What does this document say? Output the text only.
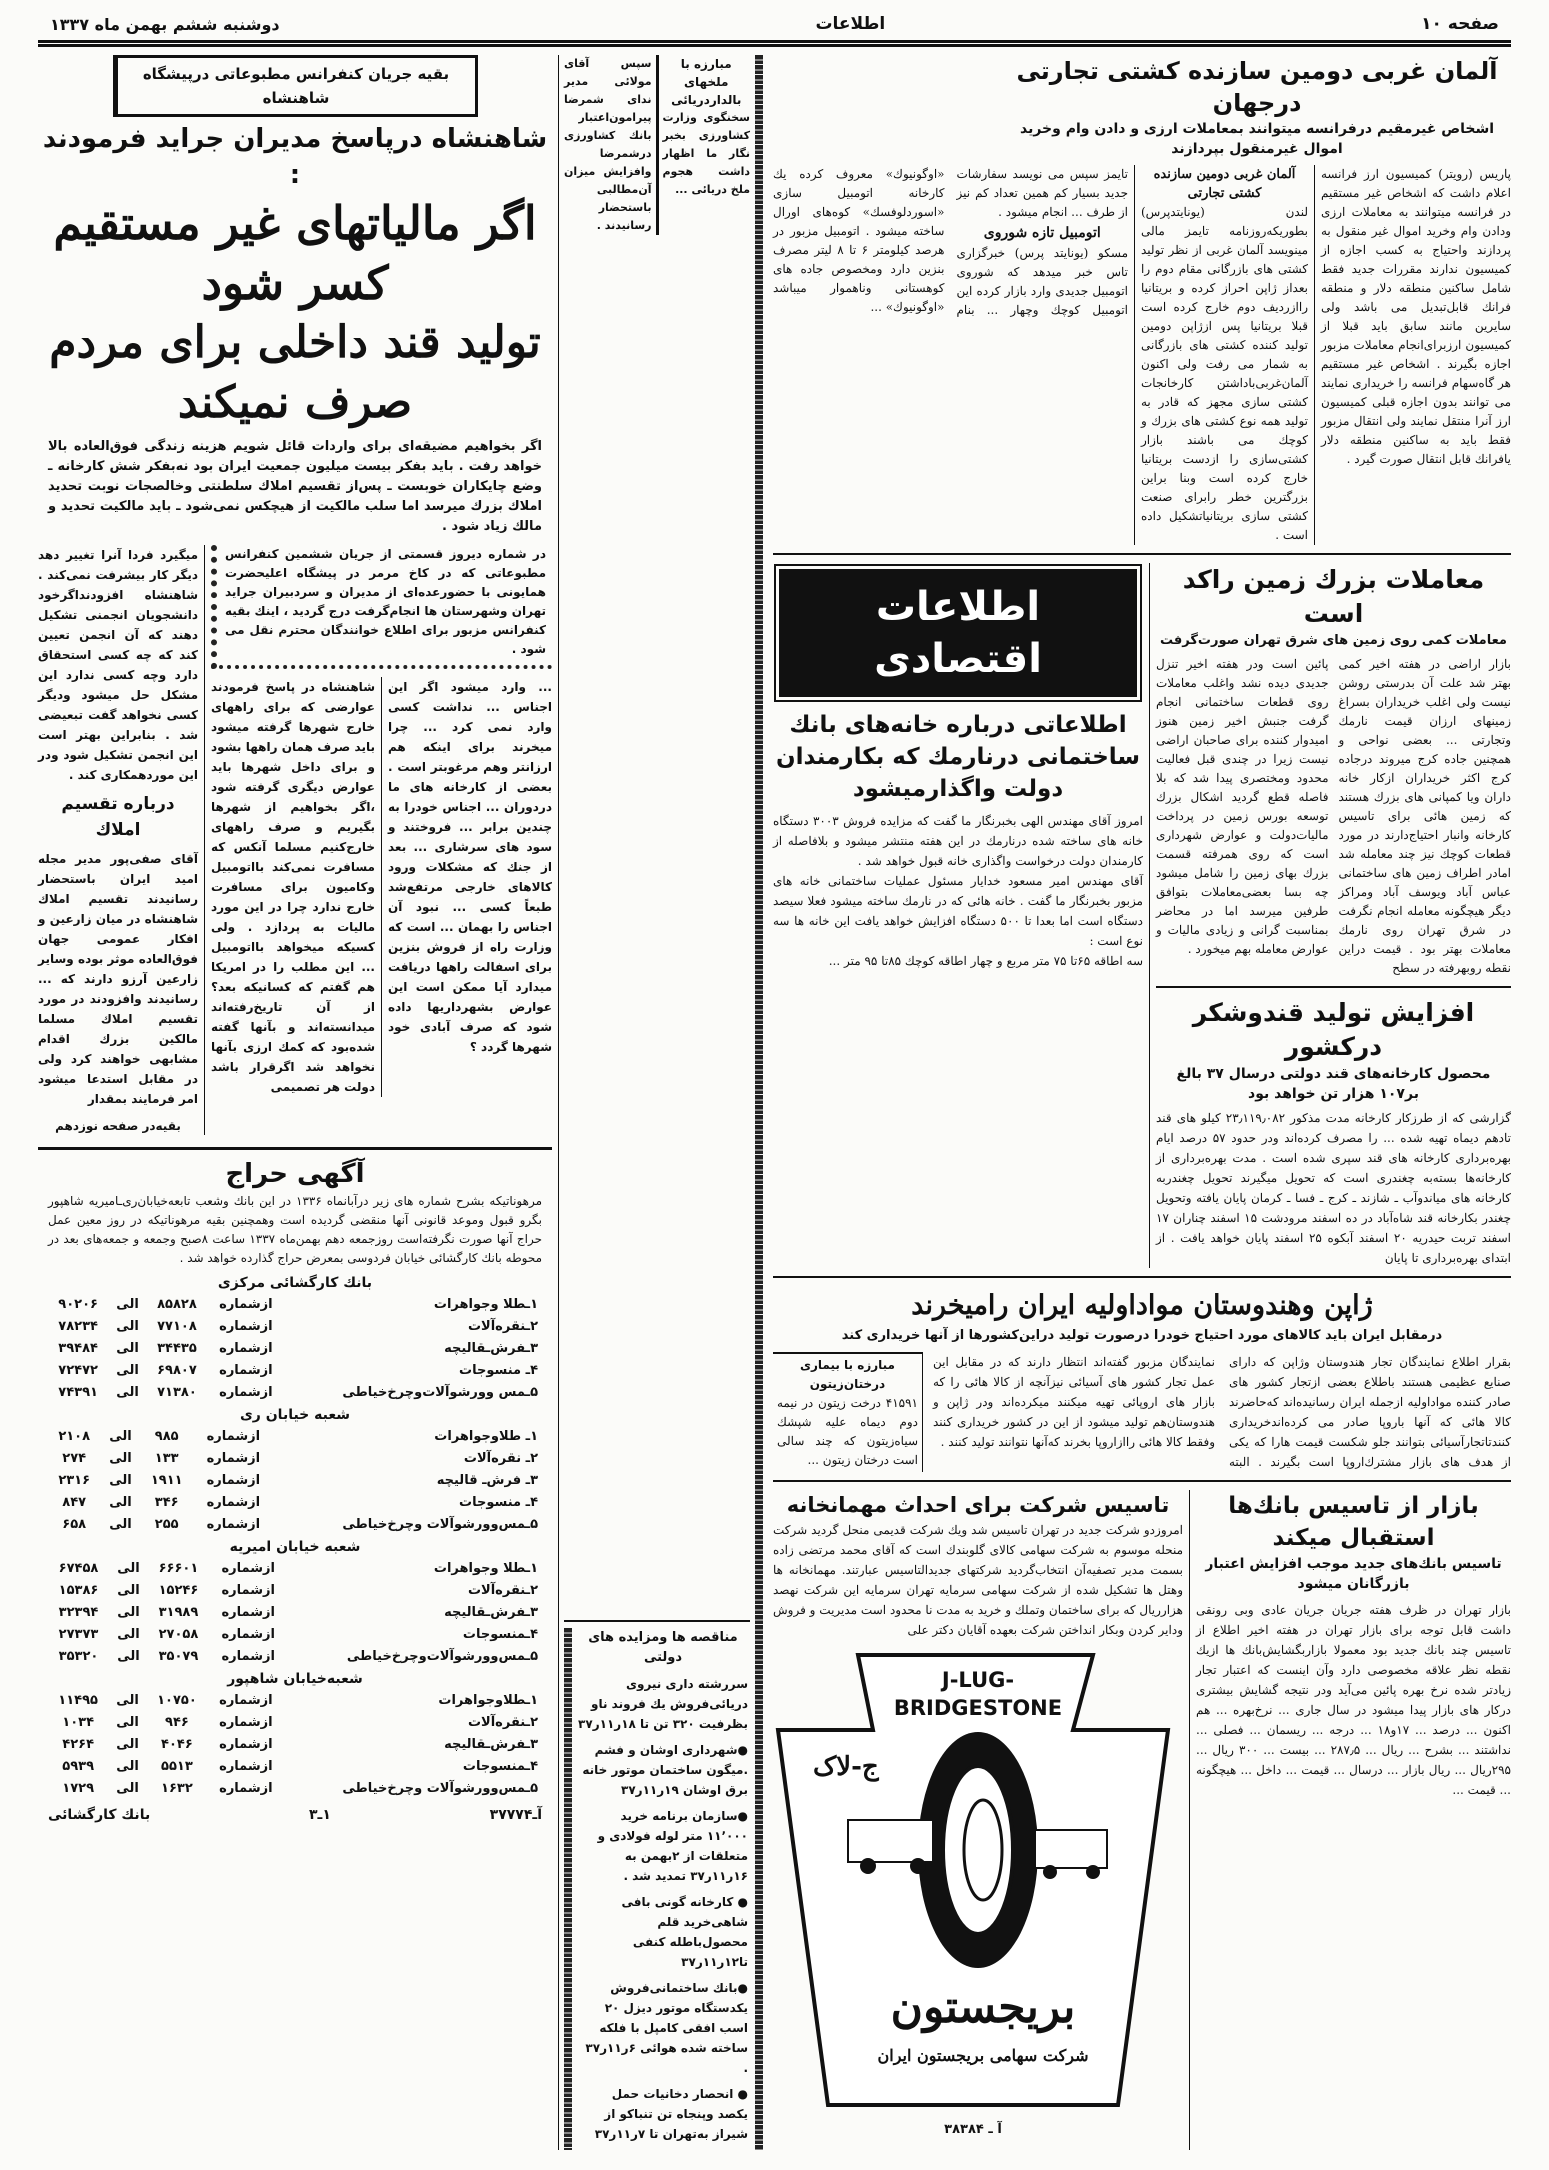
دوشنبه ششم بهمن ماه ۱۳۳۷	اطلاعات	صفحه ۱۰
بقیه جریان کنفرانس مطبوعاتی درپیشگاه شاهنشاه
شاهنشاه درپاسخ مدیران جراید فرمودند :
اگر مالیاتهای غیر مستقیم کسر شود
تولید قند داخلی برای مردم صرف نمیکند
اگر بخواهیم مضیقه‌ای برای واردات قائل شویم هزینه زندگی فوق‌العاده بالا خواهد رفت . باید بفکر بیست میلیون جمعیت ایران بود نه‌بفکر شش کارخانه ـ وضع چایکاران خوبست ـ پس‌از تقسیم املاك سلطنتی وخالصجات نوبت تحدید املاك بزرك میرسد اما سلب مالکیت از هیچکس نمی‌شود ـ باید مالکیت تحدید و مالك زیاد شود .
میگیرد فردا آنرا تغییر دهد دیگر کار بیشرفت نمی‌کند . شاهنشاه افزودنداگرخود دانشجویان انجمنی تشکیل دهند که آن انجمن تعیین کند که چه کسی استحقاق دارد وچه کسی ندارد این مشکل حل میشود ودیگر کسی نخواهد گفت تبعیضی شد . بنابراین بهتر است این انجمن تشکیل شود ودر این موردهمکاری کند .
درباره تقسیم املاك
آقای صفی‌پور مدیر مجله امید ایران باستحضار رسانیدند تقسیم املاك شاهنشاه در میان زارعین و افکار عمومی جهان فوق‌العاده موثر بوده وسایر زارعین آرزو دارند که ... رسانیدند وافزودند در مورد تقسیم املاك مسلما مالکین بزرك اقدام مشابهی خواهند کرد ولی در مقابل استدعا میشود امر فرمایند بمقدار
بقیه‌در صفحه نوزدهم
در شماره دیروز قسمتی از جریان ششمین کنفرانس مطبوعاتی که در کاخ مرمر در پیشگاه اعلیحضرت همایونی با حضورعده‌ای از مدیران و سردبیران جراید تهران وشهرستان ها انجام‌گرفت درج گردید ، اینك بقیه کنفرانس مزبور برای اطلاع خوانندگان محترم نقل می شود .
شاهنشاه در پاسخ فرمودند عوارضی که برای راههای خارج شهرها گرفته میشود باید صرف همان راهها بشود و برای داخل شهرها باید عوارض دیگری گرفته شود ،اگر بخواهیم از شهرها بگیریم و صرف راههای خارج‌کنیم مسلما آنکس که مسافرت نمی‌کند بااتومبیل وکامیون برای مسافرت خارج ندارد چرا در این مورد مالیات به پردازد . ولی کسیکه میخواهد بااتومبیل ... این مطلب را در امریکا هم گفتم که کسانیکه بعد؟ از آن تاریخ‌رفته‌اند میدانسته‌اند و بآنها گفته شده‌بود که کمك ارزی بآنها نخواهد شد اگرقرار باشد دولت هر تصمیمی
... وارد میشود اگر این اجناس ... نداشت کسی وارد نمی کرد ... چرا میخرند برای اینکه هم ارزانتر وهم مرغوبتر است . بعضی از کارخانه های ما دردوران ... اجناس خودرا به چندین برابر ... فروختند و سود های سرشاری ... بعد از جنك که مشکلات ورود کالاهای خارجی مرتفع‌شد طبعاً کسی ... نبود آن اجناس را بهمان ... است که وزارت راه از فروش بنزین برای اسفالت راهها دریافت میدارد آیا ممکن است این عوارض بشهرداریها داده شود که صرف آبادی خود شهرها گردد ؟
آگهی حراج
مرهوناتیکه بشرح شماره های زیر درآبانماه ۱۳۳۶ در این بانك وشعب تابعه‌خیابان‌ری‌ـامیریه شاهپور بگرو قبول وموعد قانونی آنها منقضی گردیده است وهمچنین بقیه مرهوناتیکه در روز معین عمل حراج آنها صورت نگرفته‌است روزجمعه دهم بهمن‌ماه ۱۳۳۷ ساعت ۸صبح وجمعه و جمعه‌های بعد در محوطه بانك کارگشائی خیابان فردوسی بمعرض حراج گذارده خواهد شد .
بانك کارگشائی مرکزی
۱ـطلا وجواهرات	ازشماره	۸۵۸۲۸	الی	۹۰۲۰۶
۲ـنقره‌آلات	ازشماره	۷۷۱۰۸	الی	۷۸۲۳۴
۳ـفرش‌ـقالیچه	ازشماره	۳۴۴۳۵	الی	۳۹۴۸۴
۴ـ منسوجات	ازشماره	۶۹۸۰۷	الی	۷۲۴۷۲
۵ـمس وورشوآلات‌وچرخ‌خیاطی	ازشماره	۷۱۳۸۰	الی	۷۴۳۹۱
شعبه خیابان ری
۱ـ طلاوجواهرات	ازشماره	۹۸۵	الی	۲۱۰۸
۲ـ نقره‌آلات	ازشماره	۱۳۳	الی	۲۷۴
۳ـ فرش‌ـ قالیچه	ازشماره	۱۹۱۱	الی	۲۳۱۶
۴ـ منسوجات	ازشماره	۳۴۶	الی	۸۴۷
۵ـمس‌وورشوآلات وچرخ‌خیاطی	ازشماره	۲۵۵	الی	۶۵۸
شعبه خیابان امیریه
۱ـطلا وجواهرات	ازشماره	۶۶۶۰۱	الی	۶۷۴۵۸
۲ـنقره‌آلات	ازشماره	۱۵۲۴۶	الی	۱۵۳۸۶
۳ـفرش‌ـقالیچه	ازشماره	۳۱۹۸۹	الی	۳۲۳۹۴
۴ـمنسوجات	ازشماره	۲۷۰۵۸	الی	۲۷۳۷۳
۵ـمس‌وورشوآلات‌وچرخ‌خیاطی	ازشماره	۳۵۰۷۹	الی	۳۵۳۲۰
شعبه‌خیابان شاهپور
۱ـطلاوجواهرات	ازشماره	۱۰۷۵۰	الی	۱۱۴۹۵
۲ـنقره‌آلات	ازشماره	۹۴۶	الی	۱۰۳۴
۳ـفرش‌ـقالیچه	ازشماره	۴۰۴۶	الی	۴۲۶۴
۴ـمنسوجات	ازشماره	۵۵۱۳	الی	۵۹۳۹
۵ـمس‌وورشوآلات وچرخ‌خیاطی	ازشماره	۱۶۳۲	الی	۱۷۲۹
آـ۳۷۷۷۴
۱ـ۳
بانك کارگشائی
سپس آقای مولائی مدیر ندای شمرضا پیرامون‌اعتبار بانك کشاورزی درشمرضا وافزایش میزان آن‌مطالبی باستحضار رسانیدند .
مبارزه با ملخهای بالداردریائی
سخنگوی وزارت کشاورزی بخبر نگار ما اظهار داشت هجوم ملخ دریائی ...
مناقصه ها ومزایده های دولتی
سررشته داری نیروی دریائی‌فروش یك فروند ناو بظرفیت ۳۲۰ تن تا ۱۸ر۱۱ر۳۷
●شهرداری اوشان و فشم .میگون ساختمان موتور خانه برق اوشان ۱۹ر۱۱ر۳۷
●سازمان برنامه خرید ۱۱٬۰۰۰ متر لوله فولادی و متعلقات از ۲بهمن به ۱۶ر۱۱ر۳۷ تمدید شد .
● کارخانه گونی بافی شاهی‌خرید قلم محصول‌باطله کنفی تا۱۲ر۱۱ر۳۷
●بانك ساختمانی‌فروش یکدستگاه موتور دیزل ۲۰ اسب افقی کامپل با فلکه ساخته شده هوائی ۶ر۱۱ر۳۷ .
● انحصار دخانیات حمل یکصد وپنجاه تن تنباکو از شیراز به‌تهران تا ۷ر۱۱ر۳۷
آلمان غربی دومین سازنده کشتی تجارتی درجهان
اشخاص غیرمقیم درفرانسه میتوانند بمعاملات ارزی و دادن وام وخرید اموال غیرمنقول بپردازند
تایمز سپس می نویسد سفارشات جدید بسیار کم همین تعداد کم نیز از طرف ... انجام میشود .
اتومبیل تازه شوروی
مسکو (یونایتد پرس) خبرگزاری تاس خبر میدهد که شوروی اتومبیل جدیدی وارد بازار کرده این اتومبیل کوچك وچهار ... بنام «اوگونیوك» معروف کرده یك کارخانه اتومبیل سازی «اسوردلوفسك» کوه‌های اورال ساخته میشود . اتومبیل مزبور در هرصد کیلومتر ۶ تا ۸ لیتر مصرف بنزین دارد ومخصوص جاده های کوهستانی وناهموار میباشد «اوگونیوك» ...
آلمان غربی دومین سازنده کشتی تجارتی
لندن (یونایتدپرس) بطوریکه‌روزنامه تایمز مالی مینویسد آلمان غربی از نظر تولید کشتی های بازرگانی مقام دوم را بعداز ژاپن احراز کرده و بریتانیا راازردیف دوم خارج کرده است قبلا بریتانیا پس ازژاپن دومین تولید کننده کشتی های بازرگانی به شمار می رفت ولی اکنون آلمان‌غربی‌باداشتن کارخانجات کشتی سازی مجهز که قادر به تولید همه نوع کشتی های بزرك و کوچك می باشند بازار کشتی‌سازی را ازدست بریتانیا خارج کرده است وبنا براین بزرگترین خطر رابرای صنعت کشتی سازی بریتانیاتشکیل داده است .
پاریس (رویتر) کمیسیون ارز فرانسه اعلام داشت که اشخاص غیر مستقیم در فرانسه میتوانند به معاملات ارزی ودادن وام وخرید اموال غیر منقول به پردازند واحتیاج به کسب اجازه از کمیسیون ندارند مقررات جدید فقط شامل ساکنین منطقه دلار و منطقه فرانك قابل‌تبدیل می باشد ولی سایرین مانند سابق باید قبلا از کمیسیون ارزبرای‌انجام معاملات مزبور اجازه بگیرند . اشخاص غیر مستقیم هر گاه‌سهام فرانسه را خریداری نمایند می توانند بدون اجازه قبلی کمیسیون ارز آنرا منتقل نمایند ولی انتقال مزبور فقط باید به ساکنین منطقه دلار یافرانك قابل انتقال صورت گیرد .
اطلاعات اقتصادی
اطلاعاتی درباره خانه‌های بانك ساختمانی درنارمك که بکارمندان دولت واگذارمیشود
امروز آقای مهندس الهی بخبرنگار ما گفت که مزایده فروش ۳۰۰۳ دستگاه خانه های ساخته شده درنارمك در این هفته منتشر میشود و بلافاصله از کارمندان دولت درخواست واگذاری خانه قبول خواهد شد .
آقای مهندس امیر مسعود خدایار مسئول عملیات ساختمانی خانه های مزبور بخبرنگار ما گفت . خانه هائی که در نارمك ساخته میشود فعلا سیصد دستگاه است اما بعدا تا ۵۰۰ دستگاه افزایش خواهد یافت این خانه ها سه نوع است :
سه اطاقه ۶۵تا ۷۵ متر مربع و چهار اطاقه کوچك ۸۵تا ۹۵ متر ...
معاملات بزرك زمین راکد است
معاملات کمی روی زمین های شرق تهران صورت‌گرفت
پائین است ودر هفته اخیر تنزل جدیدی دیده نشد واغلب معاملات روی قطعات ساختمانی انجام گرفت جنبش اخیر زمین هنوز امیدوار کننده برای صاحبان اراضی نیست زیرا در چندی قبل فعالیت محدود ومختصری پیدا شد که بلا فاصله قطع گردید اشکال بزرك توسعه بورس زمین در پرداخت مالیات‌دولت و عوارض شهرداری است که روی همرفته قسمت بزرك بهای زمین را شامل میشود چه بسا بعضی‌معاملات بتوافق طرفین میرسد اما در محاضر بمناسبت گرانی و زیادی مالیات و عوارض معامله بهم میخورد .
بازار اراضی در هفته اخیر کمی بهتر شد علت آن بدرستی روشن نیست ولی اغلب خریداران بسراغ زمینهای ارزان قیمت نارمك وتجارتی ... بعضی نواحی و همچنین جاده کرج میروند درجاده کرج اکثر خریداران ازکار خانه داران ویا کمپانی های بزرك هستند که زمین هائی برای تاسیس کارخانه وانبار احتیاج‌دارند در مورد قطعات کوچك نیز چند معامله شد امادر اطراف زمین های ساختمانی عباس آباد ویوسف آباد ومراکز دیگر هیچگونه معامله انجام نگرفت در شرق تهران روی نارمك معاملات بهتر بود . قیمت دراین نقطه رو‌بهرفته در سطح
افزایش تولید قندوشکر درکشور
محصول کارخانه‌های قند دولتی درسال ۳۷ بالغ بر۱۰۷ هزار تن خواهد بود
گزارشی که از طرزکار کارخانه مدت مذکور ۲۳٫۱۱۹٫۰۸۲ کیلو های قند تادهم دیماه تهیه شده ... را مصرف کرده‌اند ودر حدود ۵۷ درصد ایام بهره‌برداری کارخانه های قند سپری شده است . مدت بهره‌برداری از کارخانه‌ها بسته‌به چغندری است که تحویل میگیرند تحویل چغندربه کارخانه های میاندوآب ـ شازند ـ کرج ـ فسا ـ کرمان پایان یافته وتحویل چغندر بکارخانه قند شاه‌آباد در ده اسفند مرودشت ۱۵ اسفند چناران ۱۷ اسفند تربت حیدریه ۲۰ اسفند آبکوه ۲۵ اسفند پایان خواهد یافت . از ابتدای بهره‌برداری تا پایان
ژاپن وهندوستان مواداولیه ایران رامیخرند
درمقابل ایران باید کالاهای مورد احتیاج خودرا درصورت تولید دراین‌کشورها از آنها خریداری کند
مبارزه با بیماری درختان‌زیتون
۴۱۵۹۱ درخت زیتون در نیمه دوم دیماه علیه شپشك سیاه‌زیتون که چند سالی است درختان زیتون ...
بقرار اطلاع نمایندگان تجار هندوستان وژاپن که دارای صنایع عظیمی هستند باطلاع بعضی ازتجار کشور های صادر کننده مواداولیه ازجمله ایران رسانیده‌اند که‌حاضرند کالا هائی که آنها باروپا صادر می کرده‌اندخریداری کنندتاتجارآسیائی بتوانند جلو شکست قیمت هارا که یکی از هدف های بازار مشترك‌اروپا است بگیرند . البته نمایندگان مزبور گفته‌اند انتظار دارند که در مقابل این عمل تجار کشور های آسیائی نیزآنچه از کالا هائی را که بازار های اروپائی تهیه میکنند میکرده‌اند ودر ژاپن و هندوستان‌هم تولید میشود از این در کشور خریداری کنند وفقط کالا هائی راازاروپا بخرند که‌آنها نتوانند تولید کنند .
تاسیس شرکت برای احداث مهمانخانه
امروزدو شرکت جدید در تهران تاسیس شد ویك شرکت قدیمی منحل گردید شرکت منحله موسوم به شرکت سهامی کالای گلوبندك است که آقای محمد مرتضی زاده بسمت مدیر تصفیه‌آن انتخاب‌گردید شرکتهای جدیدالتاسیس عبارتند. مهمانخانه ها وهتل ها تشکیل شده از شرکت سهامی سرمایه تهران سرمایه این شرکت نهصد هزارریال که برای ساختمان وتملك و خرید به مدت نا محدود است مدیریت و فروش ودایر کردن وبکار انداختن شرکت بعهده آقایان دکتر علی
J-LUG-BRIDGESTONE
ج-لاک
بریجستون
شرکت سهامی بریجستون ایران
آ ـ ۳۸۳۸۴
بازار از تاسیس بانك‌ها استقبال میکند
تاسیس بانك‌های جدید موجب افزایش اعتبار بازرگانان میشود
بازار تهران در ظرف هفته جریان جریان عادی وبی رونقی داشت قابل توجه برای بازار تهران در هفته اخیر اطلاع از تاسیس چند بانك جدید بود معمولا بازاربگشایش‌بانك ها ازیك نقطه نظر علاقه مخصوصی دارد وآن اینست که اعتبار تجار زیادتر شده نرخ بهره پائین می‌آید ودر نتیجه گشایش بیشتری درکار های بازار پیدا میشود در سال جاری ... نرخ‌بهره ... هم اکنون ... درصد ... ۱۷و۱۸ ... درجه ... ریسمان ... فصلی ... نداشتند ... بشرح ... ریال ... ۲۸۷٫۵ ... بیست ... ۳۰۰ ریال ... ۲۹۵ریال ... ریال بازار ... درسال ... قیمت ... داخل ... هیچگونه ... قیمت ...
